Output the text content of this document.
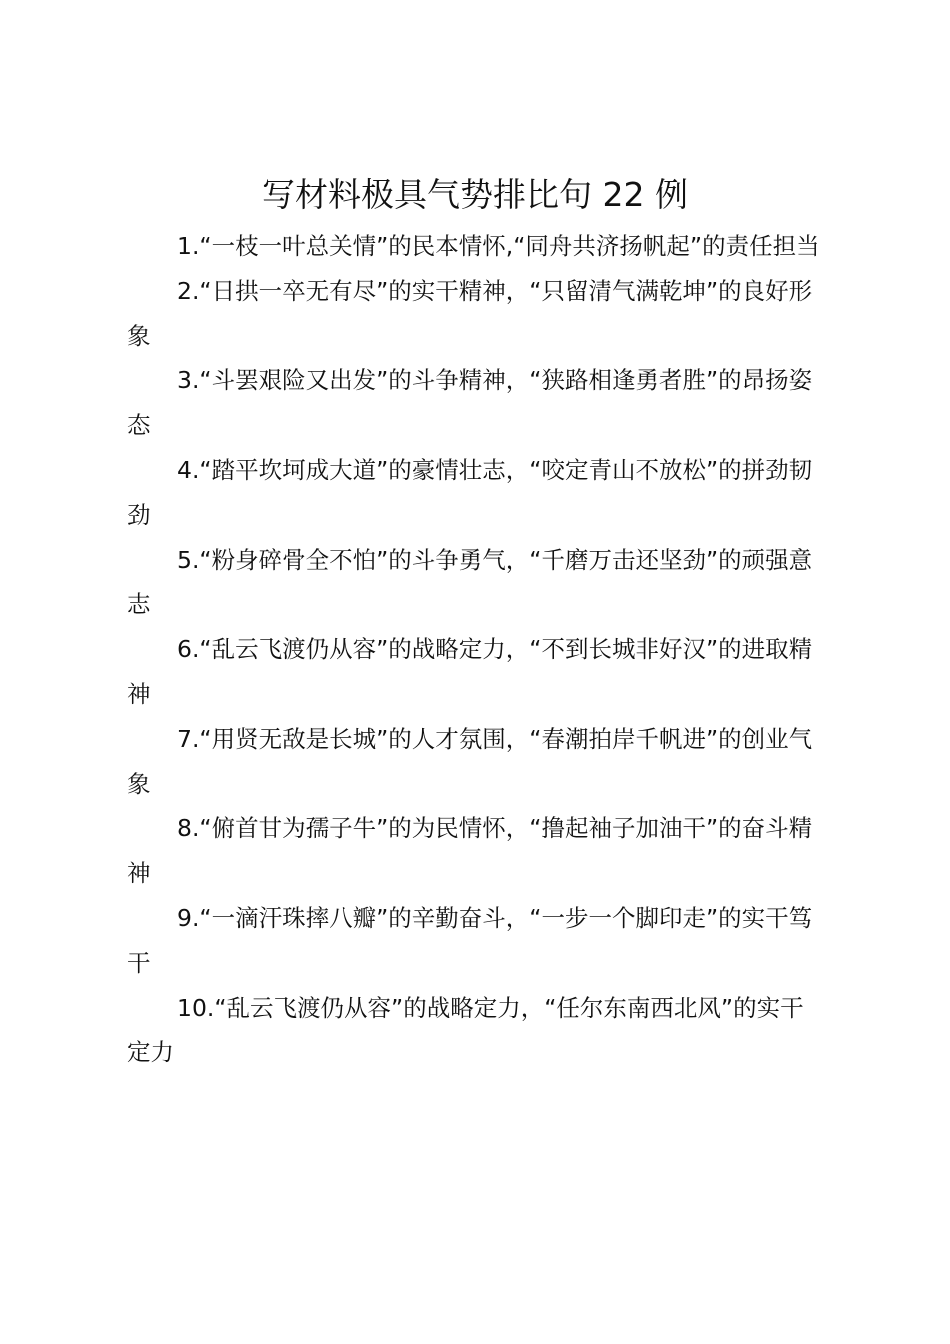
写材料极具气势排比句 22 例
1.“一枝一叶总关情”的民本情怀,“同舟共济扬帆起”的责任担当
2.“日拱一卒无有尽”的实干精神，“只留清气满乾坤”的良好形象
3.“斗罢艰险又出发”的斗争精神，“狭路相逢勇者胜”的昂扬姿态
4.“踏平坎坷成大道”的豪情壮志，“咬定青山不放松”的拼劲韧劲
5.“粉身碎骨全不怕”的斗争勇气，“千磨万击还坚劲”的顽强意志
6.“乱云飞渡仍从容”的战略定力，“不到长城非好汉”的进取精神
7.“用贤无敌是长城”的人才氛围，“春潮拍岸千帆进”的创业气象
8.“俯首甘为孺子牛”的为民情怀，“撸起袖子加油干”的奋斗精神
9.“一滴汗珠摔八瓣”的辛勤奋斗，“一步一个脚印走”的实干笃干
10.“乱云飞渡仍从容”的战略定力，“任尔东南西北风”的实干定力
